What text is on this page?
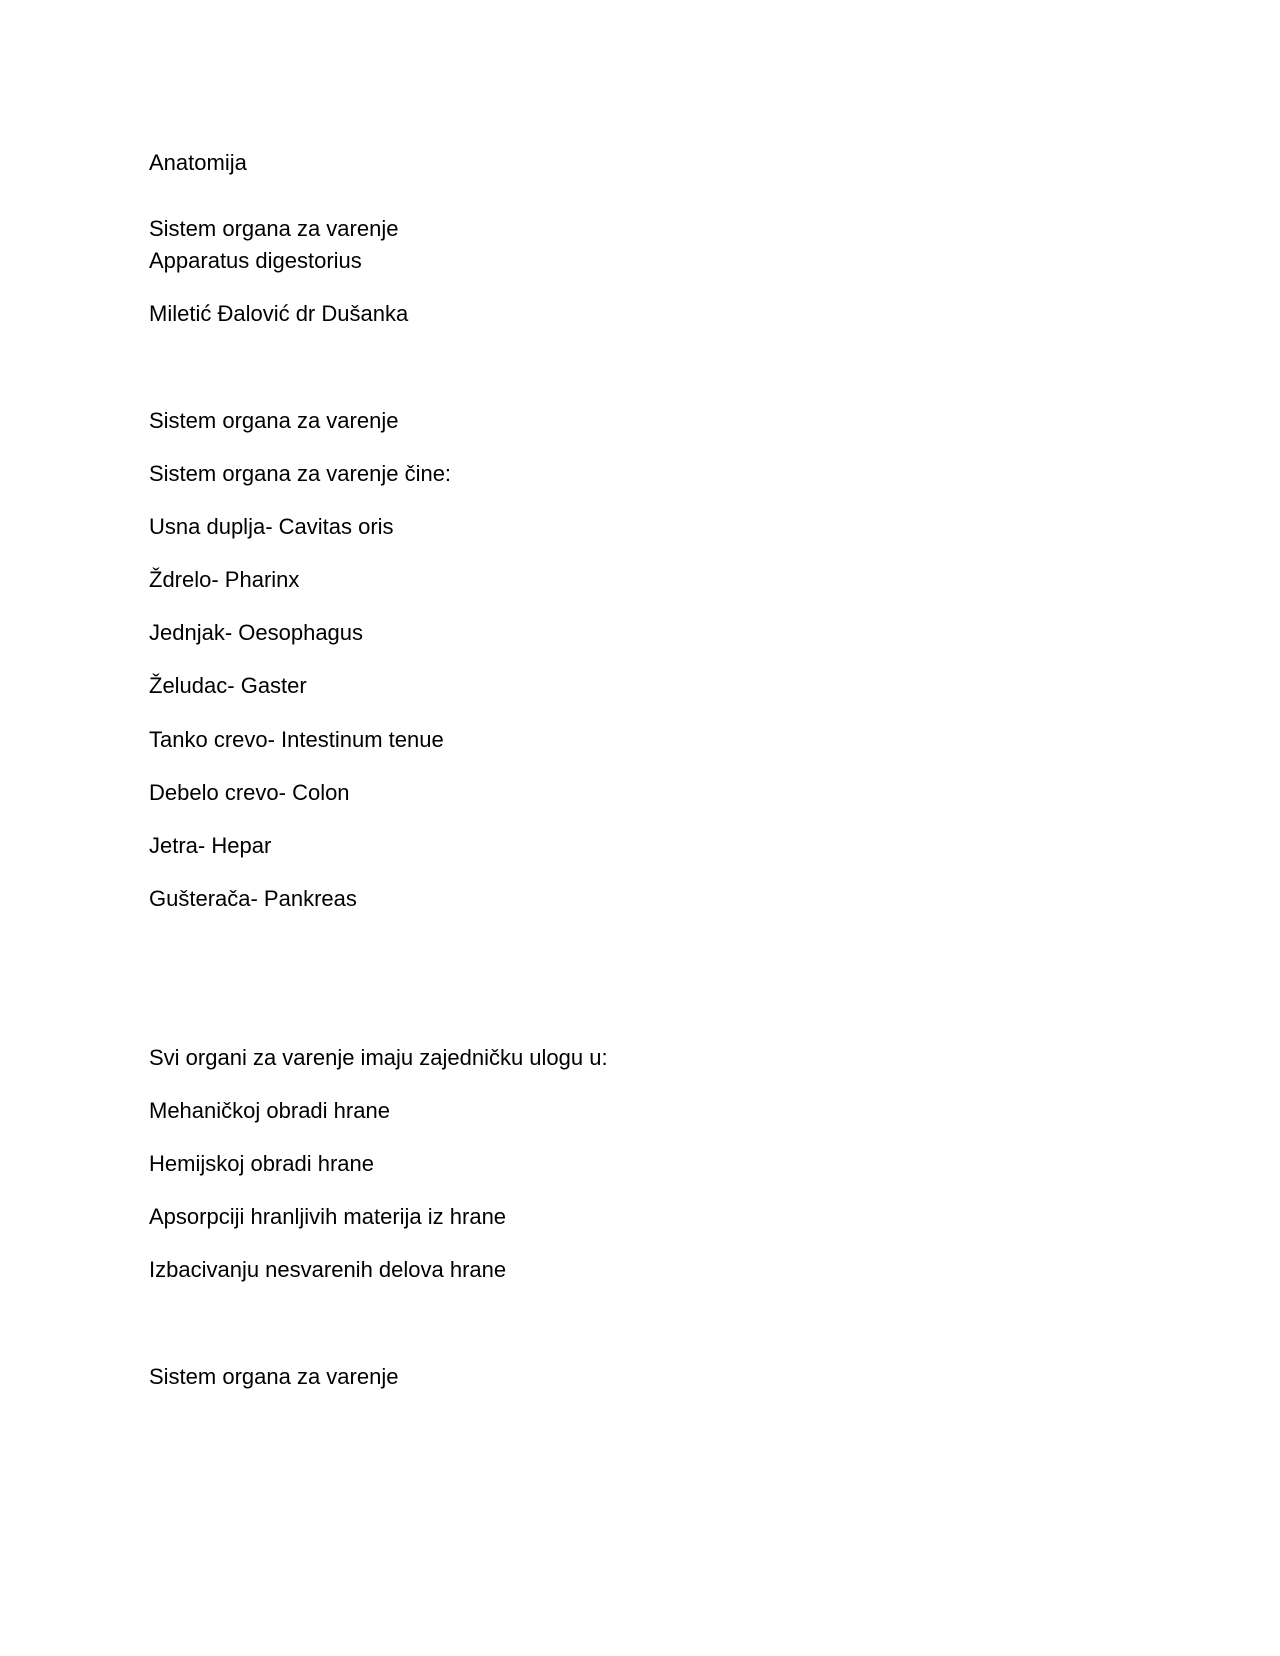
Anatomija
Sistem organa za varenje
Apparatus digestorius
Miletić Đalović dr Dušanka
Sistem organa za varenje
Sistem organa za varenje čine:
Usna duplja- Cavitas oris
Ždrelo- Pharinx
Jednjak- Oesophagus
Želudac- Gaster
Tanko crevo- Intestinum tenue
Debelo crevo- Colon
Jetra- Hepar
Gušterača- Pankreas
Svi organi za varenje imaju zajedničku ulogu u:
Mehaničkoj obradi hrane
Hemijskoj obradi hrane
Apsorpciji hranljivih materija iz hrane
Izbacivanju nesvarenih delova hrane
Sistem organa za varenje
